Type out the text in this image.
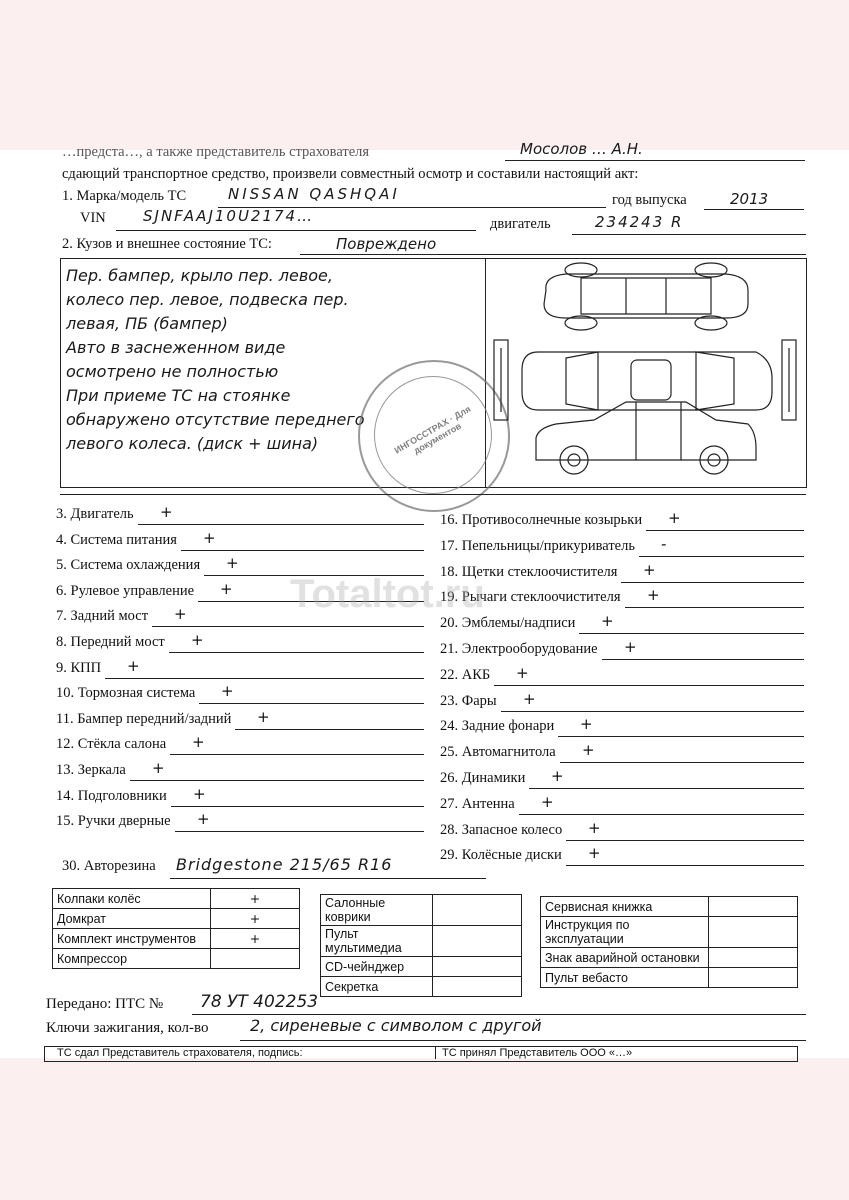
…предста…, а также представитель страхователя	Мосолов … А.Н.
сдающий транспортное средство, произвели совместный осмотр и составили настоящий акт:
1. Марка/модель ТС	NISSAN QASHQAI	год выпуска	2013
VIN SJNFAAJ10U2174…	двигатель	234243 R
2. Кузов и внешнее состояние ТС:	Повреждено
Пер. бампер, крыло пер. левое,
колесо пер. левое, подвеска пер.
левая, ПБ (бампер)
Авто в заснеженном виде
осмотрено не полностью
При приеме ТС на стоянке
обнаружено отсутствие переднего
левого колеса. (диск + шина)	ИНГОССТРАХ · Для документов
3. Двигатель +
4. Система питания +
5. Система охлаждения +
6. Рулевое управление +
7. Задний мост +
8. Передний мост +
9. КПП +
10. Тормозная система +
11. Бампер передний/задний +
12. Стёкла салона +
13. Зеркала +
14. Подголовники +
15. Ручки дверные +
16. Противосолнечные козырьки +
17. Пепельницы/прикуриватель -
18. Щетки стеклоочистителя +
19. Рычаги стеклоочистителя +
20. Эмблемы/надписи +
21. Электрооборудование +
22. АКБ +
23. Фары +
24. Задние фонари +
25. Автомагнитола +
26. Динамики +
27. Антенна +
28. Запасное колесо +
29. Колёсные диски +
Totaltot.ru
30. Авторезина Bridgestone 215/65 R16
Колпаки колёс	+
Домкрат	+
Комплект инструментов	+
Компрессор	
Салонные коврики	
Пульт мультимедиа	
CD-чейнджер	
Секретка	
Сервисная книжка	
Инструкция по эксплуатации	
Знак аварийной остановки	
Пульт вебасто	
Передано: ПТС № 78 УТ 402253
Ключи зажигания, кол-во	2, сиреневые с символом с другой
ТС сдал Представитель страхователя, подпись:	ТС принял Представитель ООО «…»
